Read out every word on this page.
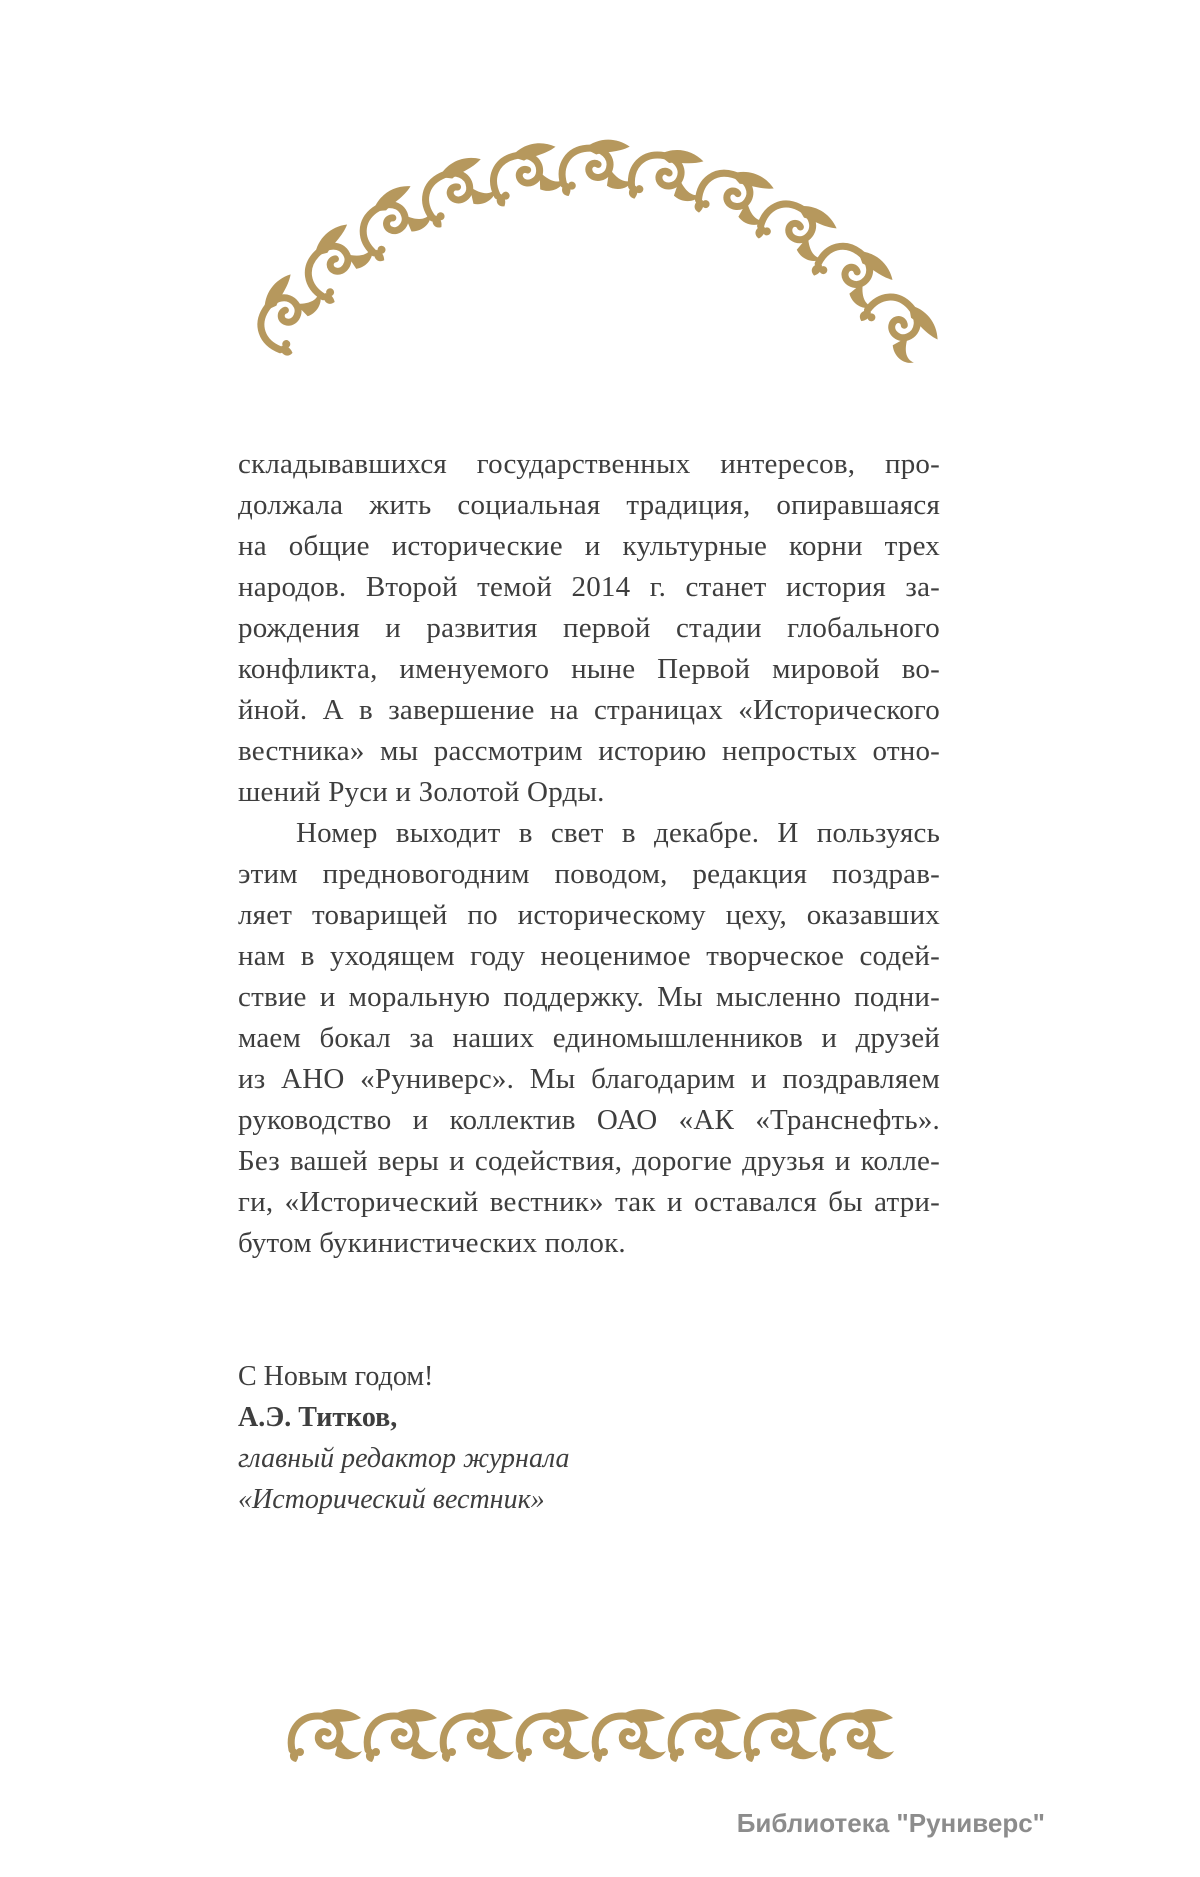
складывавшихся государственных интересов, про-
должала жить социальная традиция, опиравшаяся
на общие исторические и культурные корни трех
народов. Второй темой 2014 г. станет история за-
рождения и развития первой стадии глобального
конфликта, именуемого ныне Первой мировой во-
йной. А в завершение на страницах «Исторического
вестника» мы рассмотрим историю непростых отно-
шений Руси и Золотой Орды.
Номер выходит в свет в декабре. И пользуясь
этим предновогодним поводом, редакция поздрав-
ляет товарищей по историческому цеху, оказавших
нам в уходящем году неоценимое творческое содей-
ствие и моральную поддержку. Мы мысленно подни-
маем бокал за наших единомышленников и друзей
из АНО «Руниверс». Мы благодарим и поздравляем
руководство и коллектив ОАО «АК «Транснефть».
Без вашей веры и содействия, дорогие друзья и колле-
ги, «Исторический вестник» так и оставался бы атри-
бутом букинистических полок.
С Новым годом!
А.Э. Титков,
главный редактор журнала
«Исторический вестник»
Библиотека "Руниверс"
